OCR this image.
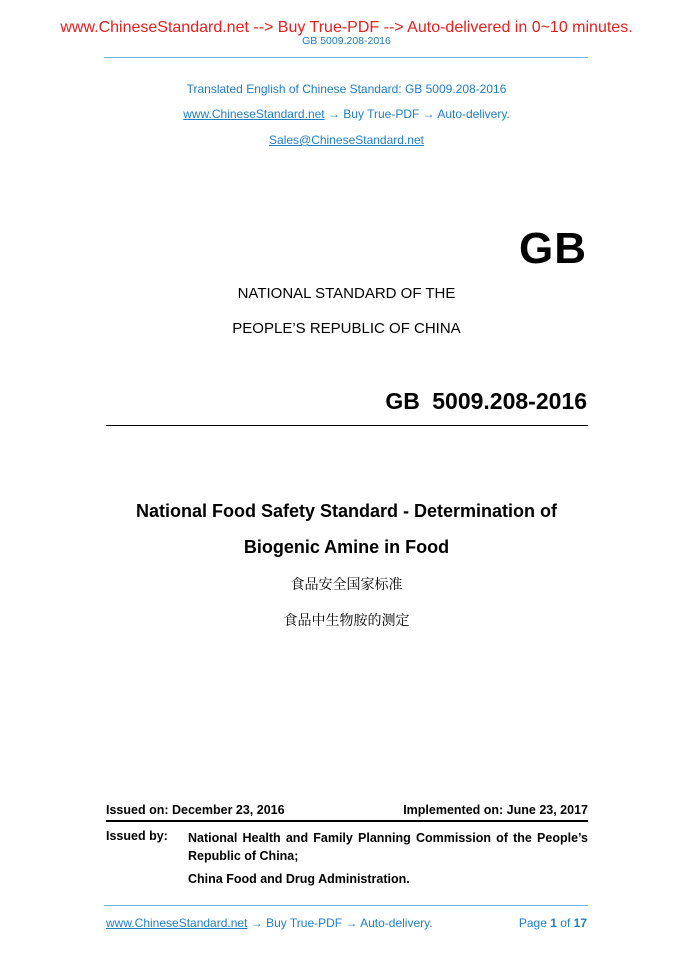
www.ChineseStandard.net --> Buy True-PDF --> Auto-delivered in 0~10 minutes.
GB 5009.208-2016
Translated English of Chinese Standard: GB 5009.208-2016
www.ChineseStandard.net → Buy True-PDF → Auto-delivery.
Sales@ChineseStandard.net
GB
NATIONAL STANDARD OF THE
PEOPLE’S REPUBLIC OF CHINA
GB 5009.208-2016
National Food Safety Standard - Determination of
Biogenic Amine in Food
食品安全国家标准
食品中生物胺的测定
Issued on: December 23, 2016	Implemented on: June 23, 2017
Issued by: National Health and Family Planning Commission of the People’s Republic of China;
China Food and Drug Administration.
www.ChineseStandard.net → Buy True-PDF → Auto-delivery.	Page 1 of 17
